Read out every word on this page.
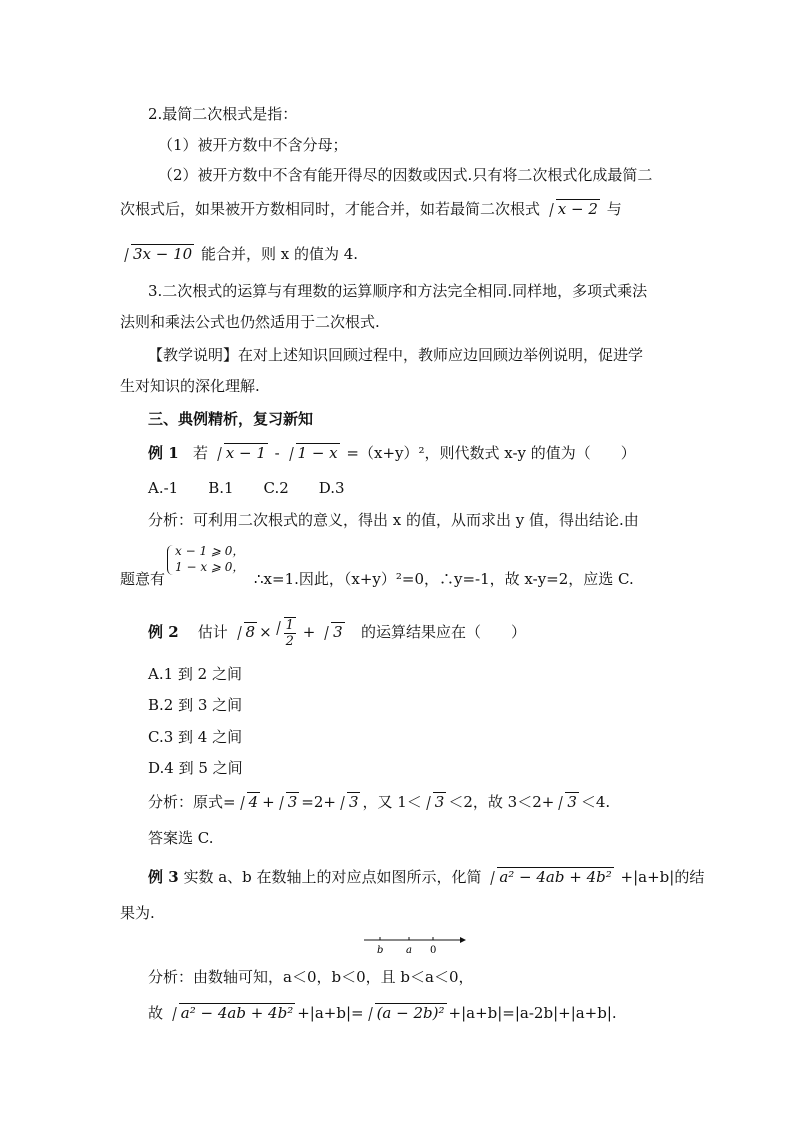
2.最简二次根式是指：
（1）被开方数中不含分母；
（2）被开方数中不含有能开得尽的因数或因式.只有将二次根式化成最简二
次根式后，如果被开方数相同时，才能合并，如若最简二次根式 x − 2 与
3x − 10 能合并，则 x 的值为 4.
3.二次根式的运算与有理数的运算顺序和方法完全相同.同样地，多项式乘法
法则和乘法公式也仍然适用于二次根式.
【教学说明】在对上述知识回顾过程中，教师应边回顾边举例说明，促进学
生对知识的深化理解.
三、典例精析，复习新知
例 1 若 x − 1 - 1 − x =（x+y）²，则代数式 x-y 的值为（　　）
A.-1　　B.1　　C.2　　D.3
分析：可利用二次根式的意义，得出 x 的值，从而求出 y 值，得出结论.由
题意有
x − 1 ⩾ 0，
1 − x ⩾ 0，
∴x=1.因此，（x+y）²=0，∴y=-1，故 x-y=2，应选 C.
例 2 估计 $8 \times \frac{1}{2} + 3$ 的运算结果应在（　　）
A.1 到 2 之间
B.2 到 3 之间
C.3 到 4 之间
D.4 到 5 之间
分析：原式= 4 + 3 =2+ 3 ，又 1＜ 3 ＜2，故 3＜2+ 3 ＜4.
答案选 C.
例 3 实数 a、b 在数轴上的对应点如图所示，化简 a² − 4ab + 4b² +|a+b|的结
果为.
b a 0
分析：由数轴可知，a＜0，b＜0，且 b＜a＜0，
故 a² − 4ab + 4b² +|a+b|= (a − 2b)² +|a+b|=|a-2b|+|a+b|.
